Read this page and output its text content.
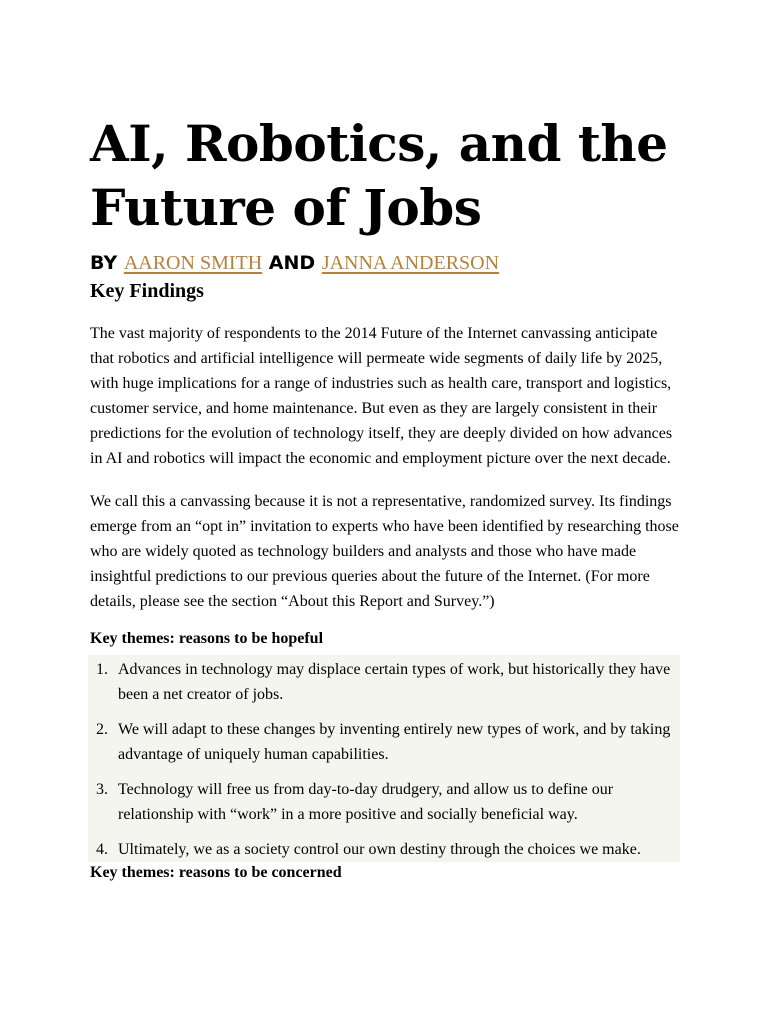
AI, Robotics, and the Future of Jobs
BY AARON SMITH AND JANNA ANDERSON
Key Findings

The vast majority of respondents to the 2014 Future of the Internet canvassing anticipate that robotics and artificial intelligence will permeate wide segments of daily life by 2025, with huge implications for a range of industries such as health care, transport and logistics, customer service, and home maintenance. But even as they are largely consistent in their predictions for the evolution of technology itself, they are deeply divided on how advances in AI and robotics will impact the economic and employment picture over the next decade.

We call this a canvassing because it is not a representative, randomized survey. Its findings emerge from an “opt in” invitation to experts who have been identified by researching those who are widely quoted as technology builders and analysts and those who have made insightful predictions to our previous queries about the future of the Internet. (For more details, please see the section “About this Report and Survey.”)

Key themes: reasons to be hopeful

1. Advances in technology may displace certain types of work, but historically they have been a net creator of jobs.
2. We will adapt to these changes by inventing entirely new types of work, and by taking advantage of uniquely human capabilities.
3. Technology will free us from day-to-day drudgery, and allow us to define our relationship with “work” in a more positive and socially beneficial way.
4. Ultimately, we as a society control our own destiny through the choices we make.

Key themes: reasons to be concerned
